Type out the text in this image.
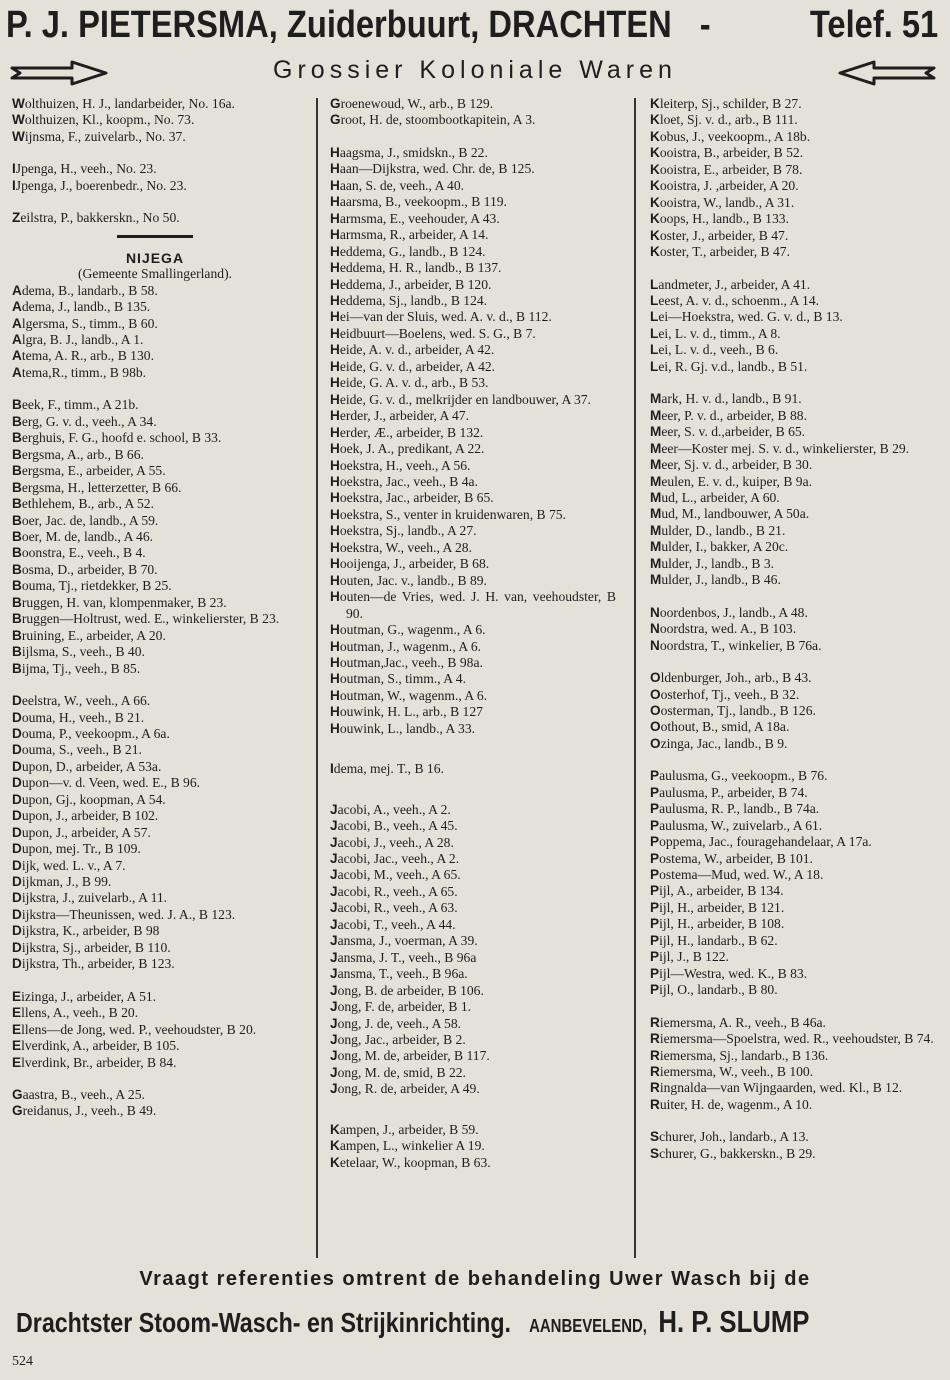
P. J. PIETERSMA, Zuiderbuurt, DRACHTEN -	Telef. 51
Grossier Koloniale Waren

Wolthuizen, H. J., landarbeider, No. 16a.

Wolthuizen, Kl., koopm., No. 73.

Wijnsma, F., zuivelarb., No. 37.

IJpenga, H., veeh., No. 23.

IJpenga, J., boerenbedr., No. 23.

Zeilstra, P., bakkerskn., No 50.

NIJEGA
(Gemeente Smallingerland).

Adema, B., landarb., B 58.

Adema, J., landb., B 135.

Algersma, S., timm., B 60.

Algra, B. J., landb., A 1.

Atema, A. R., arb., B 130.

Atema,R., timm., B 98b.

Beek, F., timm., A 21b.

Berg, G. v. d., veeh., A 34.

Berghuis, F. G., hoofd e. school, B 33.

Bergsma, A., arb., B 66.

Bergsma, E., arbeider, A 55.

Bergsma, H., letterzetter, B 66.

Bethlehem, B., arb., A 52.

Boer, Jac. de, landb., A 59.

Boer, M. de, landb., A 46.

Boonstra, E., veeh., B 4.

Bosma, D., arbeider, B 70.

Bouma, Tj., rietdekker, B 25.

Bruggen, H. van, klompenmaker, B 23.

Bruggen—Holtrust, wed. E., winkelierster, B 23.

Bruining, E., arbeider, A 20.

Bijlsma, S., veeh., B 40.

Bijma, Tj., veeh., B 85.

Deelstra, W., veeh., A 66.

Douma, H., veeh., B 21.

Douma, P., veekoopm., A 6a.

Douma, S., veeh., B 21.

Dupon, D., arbeider, A 53a.

Dupon—v. d. Veen, wed. E., B 96.

Dupon, Gj., koopman, A 54.

Dupon, J., arbeider, B 102.

Dupon, J., arbeider, A 57.

Dupon, mej. Tr., B 109.

Dijk, wed. L. v., A 7.

Dijkman, J., B 99.

Dijkstra, J., zuivelarb., A 11.

Dijkstra—Theunissen, wed. J. A., B 123.

Dijkstra, K., arbeider, B 98

Dijkstra, Sj., arbeider, B 110.

Dijkstra, Th., arbeider, B 123.

Eizinga, J., arbeider, A 51.

Ellens, A., veeh., B 20.

Ellens—de Jong, wed. P., veehoudster, B 20.

Elverdink, A., arbeider, B 105.

Elverdink, Br., arbeider, B 84.

Gaastra, B., veeh., A 25.

Greidanus, J., veeh., B 49.

Groenewoud, W., arb., B 129.

Groot, H. de, stoombootkapitein, A 3.

Haagsma, J., smidskn., B 22.

Haan—Dijkstra, wed. Chr. de, B 125.

Haan, S. de, veeh., A 40.

Haarsma, B., veekoopm., B 119.

Harmsma, E., veehouder, A 43.

Harmsma, R., arbeider, A 14.

Heddema, G., landb., B 124.

Heddema, H. R., landb., B 137.

Heddema, J., arbeider, B 120.

Heddema, Sj., landb., B 124.

Hei—van der Sluis, wed. A. v. d., B 112.

Heidbuurt—Boelens, wed. S. G., B 7.

Heide, A. v. d., arbeider, A 42.

Heide, G. v. d., arbeider, A 42.

Heide, G. A. v. d., arb., B 53.

Heide, G. v. d., melkrijder en landbouwer, A 37.

Herder, J., arbeider, A 47.

Herder, Æ., arbeider, B 132.

Hoek, J. A., predikant, A 22.

Hoekstra, H., veeh., A 56.

Hoekstra, Jac., veeh., B 4a.

Hoekstra, Jac., arbeider, B 65.

Hoekstra, S., venter in kruidenwaren, B 75.

Hoekstra, Sj., landb., A 27.

Hoekstra, W., veeh., A 28.

Hooijenga, J., arbeider, B 68.

Houten, Jac. v., landb., B 89.

Houten—de Vries, wed. J. H. van, veehoudster, B 90.

Houtman, G., wagenm., A 6.

Houtman, J., wagenm., A 6.

Houtman,Jac., veeh., B 98a.

Houtman, S., timm., A 4.

Houtman, W., wagenm., A 6.

Houwink, H. L., arb., B 127

Houwink, L., landb., A 33.

Idema, mej. T., B 16.

Jacobi, A., veeh., A 2.

Jacobi, B., veeh., A 45.

Jacobi, J., veeh., A 28.

Jacobi, Jac., veeh., A 2.

Jacobi, M., veeh., A 65.

Jacobi, R., veeh., A 65.

Jacobi, R., veeh., A 63.

Jacobi, T., veeh., A 44.

Jansma, J., voerman, A 39.

Jansma, J. T., veeh., B 96a

Jansma, T., veeh., B 96a.

Jong, B. de arbeider, B 106.

Jong, F. de, arbeider, B 1.

Jong, J. de, veeh., A 58.

Jong, Jac., arbeider, B 2.

Jong, M. de, arbeider, B 117.

Jong, M. de, smid, B 22.

Jong, R. de, arbeider, A 49.

Kampen, J., arbeider, B 59.

Kampen, L., winkelier A 19.

Ketelaar, W., koopman, B 63.

Kleiterp, Sj., schilder, B 27.

Kloet, Sj. v. d., arb., B 111.

Kobus, J., veekoopm., A 18b.

Kooistra, B., arbeider, B 52.

Kooistra, E., arbeider, B 78.

Kooistra, J. ,arbeider, A 20.

Kooistra, W., landb., A 31.

Koops, H., landb., B 133.

Koster, J., arbeider, B 47.

Koster, T., arbeider, B 47.

Landmeter, J., arbeider, A 41.

Leest, A. v. d., schoenm., A 14.

Lei—Hoekstra, wed. G. v. d., B 13.

Lei, L. v. d., timm., A 8.

Lei, L. v. d., veeh., B 6.

Lei, R. Gj. v.d., landb., B 51.

Mark, H. v. d., landb., B 91.

Meer, P. v. d., arbeider, B 88.

Meer, S. v. d.,arbeider, B 65.

Meer—Koster mej. S. v. d., winkelierster, B 29.

Meer, Sj. v. d., arbeider, B 30.

Meulen, E. v. d., kuiper, B 9a.

Mud, L., arbeider, A 60.

Mud, M., landbouwer, A 50a.

Mulder, D., landb., B 21.

Mulder, I., bakker, A 20c.

Mulder, J., landb., B 3.

Mulder, J., landb., B 46.

Noordenbos, J., landb., A 48.

Noordstra, wed. A., B 103.

Noordstra, T., winkelier, B 76a.

Oldenburger, Joh., arb., B 43.

Oosterhof, Tj., veeh., B 32.

Oosterman, Tj., landb., B 126.

Oothout, B., smid, A 18a.

Ozinga, Jac., landb., B 9.

Paulusma, G., veekoopm., B 76.

Paulusma, P., arbeider, B 74.

Paulusma, R. P., landb., B 74a.

Paulusma, W., zuivelarb., A 61.

Poppema, Jac., fouragehandelaar, A 17a.

Postema, W., arbeider, B 101.

Postema—Mud, wed. W., A 18.

Pijl, A., arbeider, B 134.

Pijl, H., arbeider, B 121.

Pijl, H., arbeider, B 108.

Pijl, H., landarb., B 62.

Pijl, J., B 122.

Pijl—Westra, wed. K., B 83.

Pijl, O., landarb., B 80.

Riemersma, A. R., veeh., B 46a.

Riemersma—Spoelstra, wed. R., veehoudster, B 74.

Riemersma, Sj., landarb., B 136.

Riemersma, W., veeh., B 100.

Ringnalda—van Wijngaarden, wed. Kl., B 12.

Ruiter, H. de, wagenm., A 10.

Schurer, Joh., landarb., A 13.

Schurer, G., bakkerskn., B 29.

Vraagt referenties omtrent de behandeling Uwer Wasch bij de
Drachtster Stoom-Wasch- en Strijkinrichting. AANBEVELEND, H. P. SLUMP
524
